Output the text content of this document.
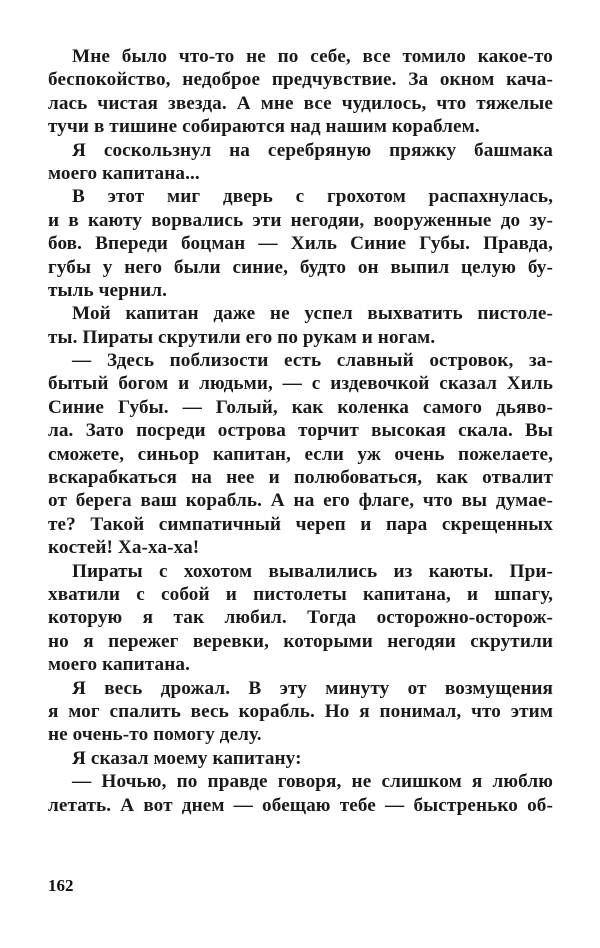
Мне было что-то не по себе, все томило какое-то
беспокойство, недоброе предчувствие. За окном кача-
лась чистая звезда. А мне все чудилось, что тяжелые
тучи в тишине собираются над нашим кораблем.
Я соскользнул на серебряную пряжку башмака
моего капитана...
В этот миг дверь с грохотом распахнулась,
и в каюту ворвались эти негодяи, вооруженные до зу-
бов. Впереди боцман — Хиль Синие Губы. Правда,
губы у него были синие, будто он выпил целую бу-
тыль чернил.
Мой капитан даже не успел выхватить пистоле-
ты. Пираты скрутили его по рукам и ногам.
— Здесь поблизости есть славный островок, за-
бытый богом и людьми, — с издевочкой сказал Хиль
Синие Губы. — Голый, как коленка самого дьяво-
ла. Зато посреди острова торчит высокая скала. Вы
сможете, синьор капитан, если уж очень пожелаете,
вскарабкаться на нее и полюбоваться, как отвалит
от берега ваш корабль. А на его флаге, что вы думае-
те? Такой симпатичный череп и пара скрещенных
костей! Ха-ха-ха!
Пираты с хохотом вывалились из каюты. При-
хватили с собой и пистолеты капитана, и шпагу,
которую я так любил. Тогда осторожно-осторож-
но я пережег веревки, которыми негодяи скрутили
моего капитана.
Я весь дрожал. В эту минуту от возмущения
я мог спалить весь корабль. Но я понимал, что этим
не очень-то помогу делу.
Я сказал моему капитану:
— Ночью, по правде говоря, не слишком я люблю
летать. А вот днем — обещаю тебе — быстренько об-
162
